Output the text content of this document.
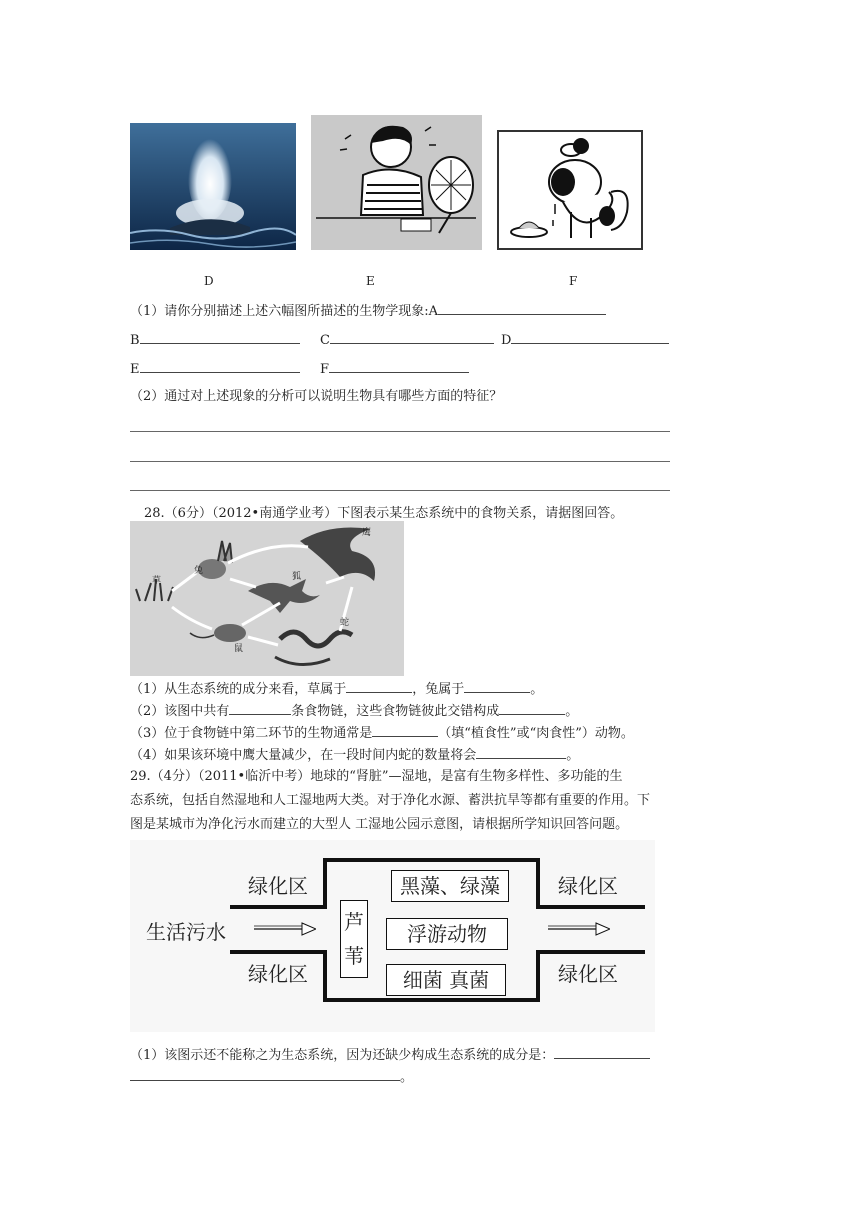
D	E	F
（1）请你分别描述上述六幅图所描述的生物学现象:A
B	C	D
E	F
（2）通过对上述现象的分析可以说明生物具有哪些方面的特征？
28.（6分）（2012•南通学业考）下图表示某生态系统中的食物关系，请据图回答。
草
兔
狐
鹰
鼠
蛇
（1）从生态系统的成分来看，草属于	，兔属于	。
（2）该图中共有	条食物链，这些食物链彼此交错构成	。
（3）位于食物链中第二环节的生物通常是	（填“植食性”或“肉食性”）动物。
（4）如果该环境中鹰大量减少，在一段时间内蛇的数量将会	。
29.（4分）（2011•临沂中考）地球的“肾脏”—湿地，是富有生物多样性、多功能的生
态系统，包括自然湿地和人工湿地两大类。对于净化水源、蓄洪抗旱等都有重要的作用。下
图是某城市为净化污水而建立的大型人 工湿地公园示意图，请根据所学知识回答问题。
绿化区
绿化区
绿化区
绿化区
生活污水	芦苇
黑藻、绿藻
浮游动物
细菌 真菌
（1）该图示还不能称之为生态系统，因为还缺少构成生态系统的成分是：
。
